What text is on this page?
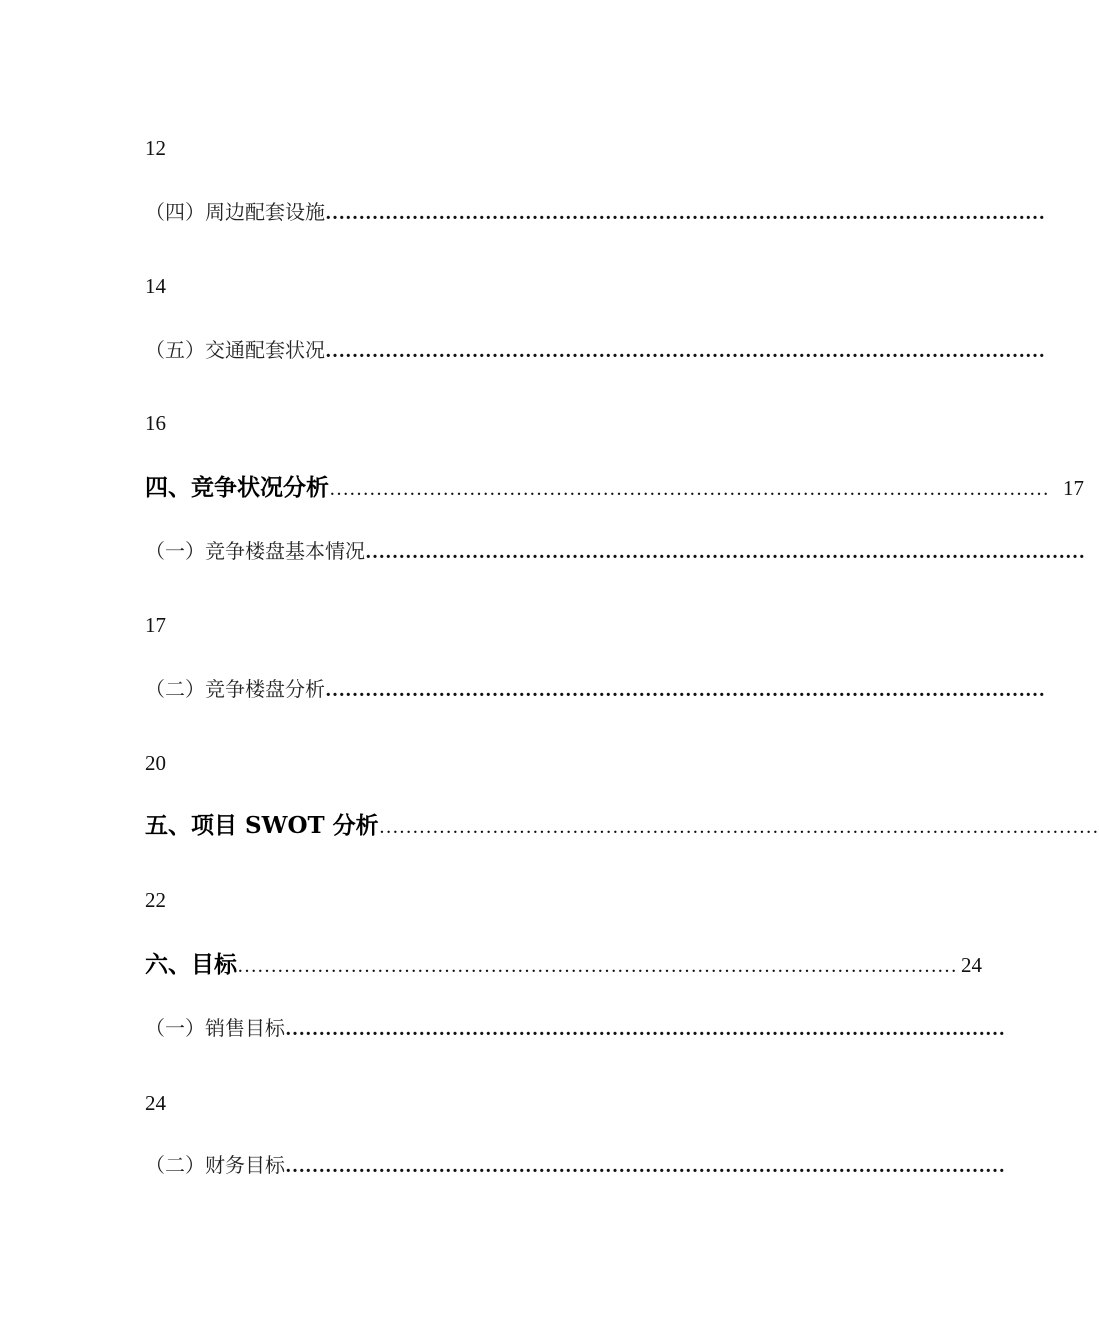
12
（四）周边配套设施 ………………………………………………………………………………………………
14
（五）交通配套状况 ………………………………………………………………………………………………
16
四、竞争状况分析 ……………………………………………………………………………………………… 17
（一）竞争楼盘基本情况 ………………………………………………………………………………………………
17
（二）竞争楼盘分析 ………………………………………………………………………………………………
20
五、项目 SWOT 分析 ………………………………………………………………………………………………
22
六、目标 ……………………………………………………………………………………………… 24
（一）销售目标 ………………………………………………………………………………………………
24
（二）财务目标 ………………………………………………………………………………………………
